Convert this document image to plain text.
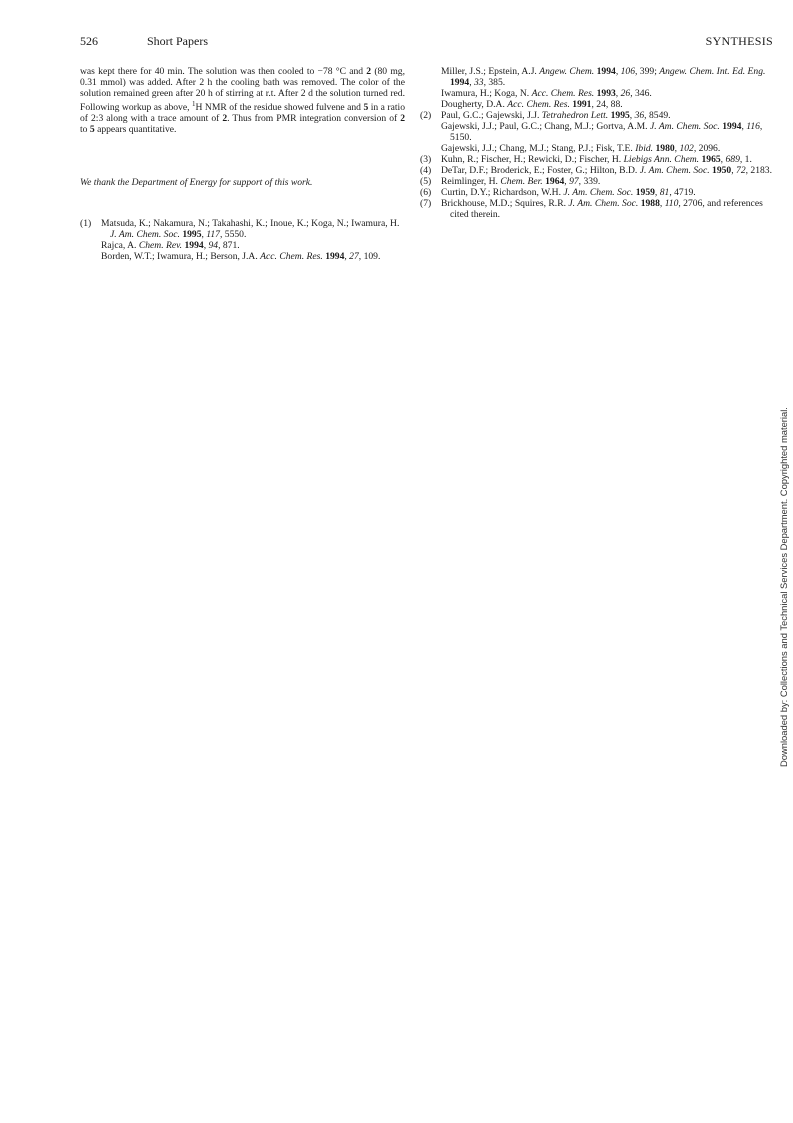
526	Short Papers	SYNTHESIS

was kept there for 40 min. The solution was then cooled to −78 °C and 2 (80 mg, 0.31 mmol) was added. After 2 h the cooling bath was removed. The color of the solution remained green after 20 h of stirring at r.t. After 2 d the solution turned red. Following workup as above, $^1$H NMR of the residue showed fulvene and 5 in a ratio of 2:3 along with a trace amount of 2. Thus from PMR integration conversion of 2 to 5 appears quantitative.

We thank the Department of Energy for support of this work.
(1) Matsuda, K.; Nakamura, N.; Takahashi, K.; Inoue, K.; Koga, N.; Iwamura, H. J. Am. Chem. Soc. 1995, 117, 5550.
Rajca, A. Chem. Rev. 1994, 94, 871.
Borden, W.T.; Iwamura, H.; Berson, J.A. Acc. Chem. Res. 1994, 27, 109.
Miller, J.S.; Epstein, A.J. Angew. Chem. 1994, 106, 399; Angew. Chem. Int. Ed. Eng. 1994, 33, 385.
Iwamura, H.; Koga, N. Acc. Chem. Res. 1993, 26, 346.
Dougherty, D.A. Acc. Chem. Res. 1991, 24, 88.
(2) Paul, G.C.; Gajewski, J.J. Tetrahedron Lett. 1995, 36, 8549.
Gajewski, J.J.; Paul, G.C.; Chang, M.J.; Gortva, A.M. J. Am. Chem. Soc. 1994, 116, 5150.
Gajewski, J.J.; Chang, M.J.; Stang, P.J.; Fisk, T.E. Ibid. 1980, 102, 2096.
(3) Kuhn, R.; Fischer, H.; Rewicki, D.; Fischer, H. Liebigs Ann. Chem. 1965, 689, 1.
(4) DeTar, D.F.; Broderick, E.; Foster, G.; Hilton, B.D. J. Am. Chem. Soc. 1950, 72, 2183.
(5) Reimlinger, H. Chem. Ber. 1964, 97, 339.
(6) Curtin, D.Y.; Richardson, W.H. J. Am. Chem. Soc. 1959, 81, 4719.
(7) Brickhouse, M.D.; Squires, R.R. J. Am. Chem. Soc. 1988, 110, 2706, and references cited therein.
Downloaded by: Collections and Technical Services Department. Copyrighted material.
